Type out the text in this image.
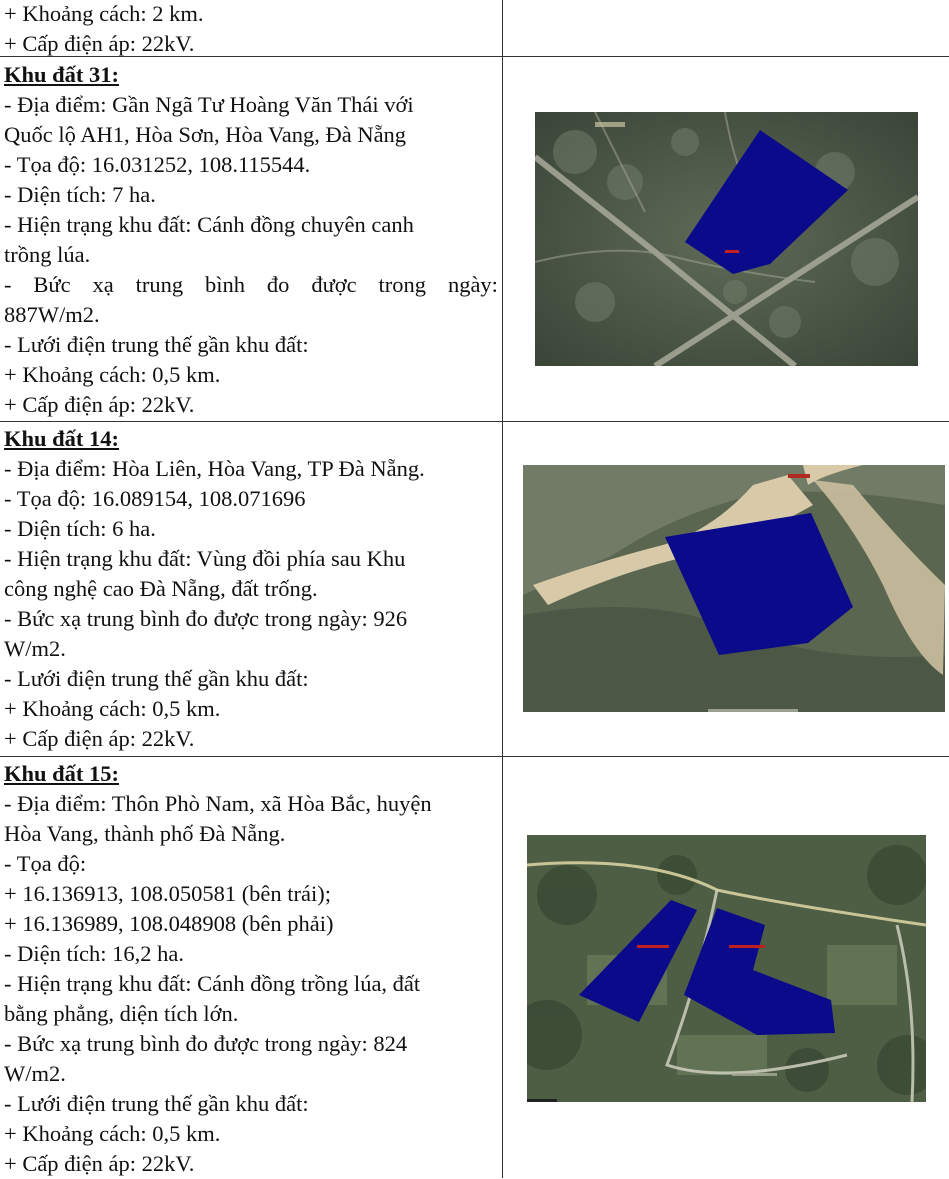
+ Khoảng cách: 2 km.
+ Cấp điện áp: 22kV.
Khu đất 31:
- Địa điểm: Gần Ngã Tư Hoàng Văn Thái với
Quốc lộ AH1, Hòa Sơn, Hòa Vang, Đà Nẵng
- Tọa độ: 16.031252, 108.115544.
- Diện tích: 7 ha.
- Hiện trạng khu đất: Cánh đồng chuyên canh
trồng lúa.
- Bức xạ trung bình đo được trong ngày:
887W/m2.
- Lưới điện trung thế gần khu đất:
+ Khoảng cách: 0,5 km.
+ Cấp điện áp: 22kV.
Khu đất 14:
- Địa điểm: Hòa Liên, Hòa Vang, TP Đà Nẵng.
- Tọa độ: 16.089154, 108.071696
- Diện tích: 6 ha.
- Hiện trạng khu đất: Vùng đồi phía sau Khu
công nghệ cao Đà Nẵng, đất trống.
- Bức xạ trung bình đo được trong ngày: 926
W/m2.
- Lưới điện trung thế gần khu đất:
+ Khoảng cách: 0,5 km.
+ Cấp điện áp: 22kV.
Khu đất 15:
- Địa điểm: Thôn Phò Nam, xã Hòa Bắc, huyện
Hòa Vang, thành phố Đà Nẵng.
- Tọa độ:
+ 16.136913, 108.050581 (bên trái);
+ 16.136989, 108.048908 (bên phải)
- Diện tích: 16,2 ha.
- Hiện trạng khu đất: Cánh đồng trồng lúa, đất
bằng phẳng, diện tích lớn.
- Bức xạ trung bình đo được trong ngày: 824
W/m2.
- Lưới điện trung thế gần khu đất:
+ Khoảng cách: 0,5 km.
+ Cấp điện áp: 22kV.
